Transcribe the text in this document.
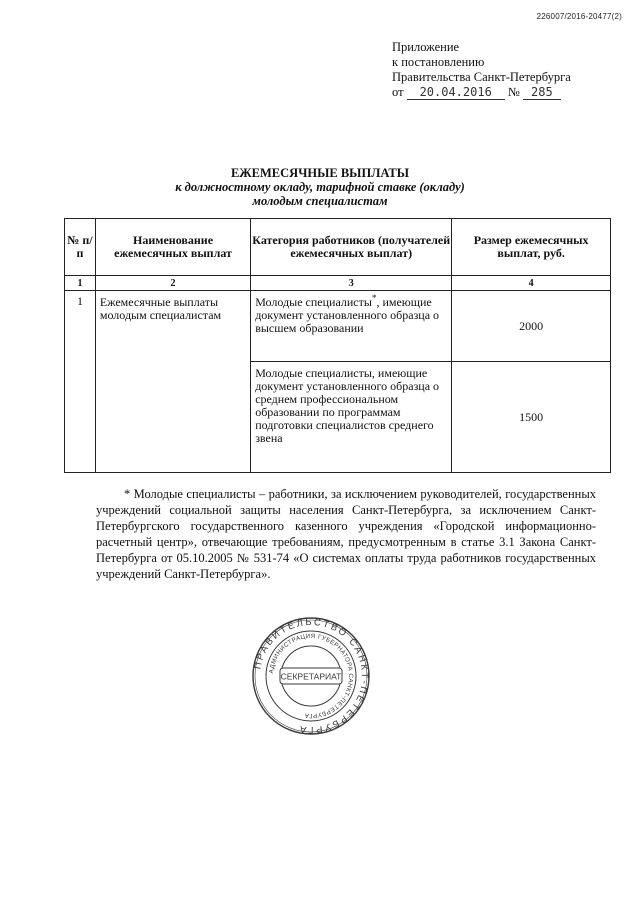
226007/2016-20477(2)
Приложение
к постановлению
Правительства Санкт-Петербурга
от 20.04.2016 № 285
ЕЖЕМЕСЯЧНЫЕ ВЫПЛАТЫ
к должностному окладу, тарифной ставке (окладу)
молодым специалистам
№ п/п	Наименование ежемесячных выплат	Категория работников (получателей ежемесячных выплат)	Размер ежемесячных выплат, руб.
1	2	3	4
1	Ежемесячные выплаты молодым специалистам	Молодые специалисты*, имеющие документ установленного образца о высшем образовании	2000
		Молодые специалисты, имеющие документ установленного образца о среднем профессиональном образовании по программам подготовки специалистов среднего звена	1500
* Молодые специалисты – работники, за исключением руководителей, государственных учреждений социальной защиты населения Санкт-Петербурга, за исключением Санкт-Петербургского государственного казенного учреждения «Городской информационно-расчетный центр», отвечающие требованиям, предусмотренным в статье 3.1 Закона Санкт-Петербурга от 05.10.2005 № 531-74 «О системах оплаты труда работников государственных учреждений Санкт-Петербурга».
ПРАВИТЕЛЬСТВО САНКТ-ПЕТЕРБУРГА
АДМИНИСТРАЦИЯ ГУБЕРНАТОРА САНКТ-ПЕТЕРБУРГА
СЕКРЕТАРИАТ
